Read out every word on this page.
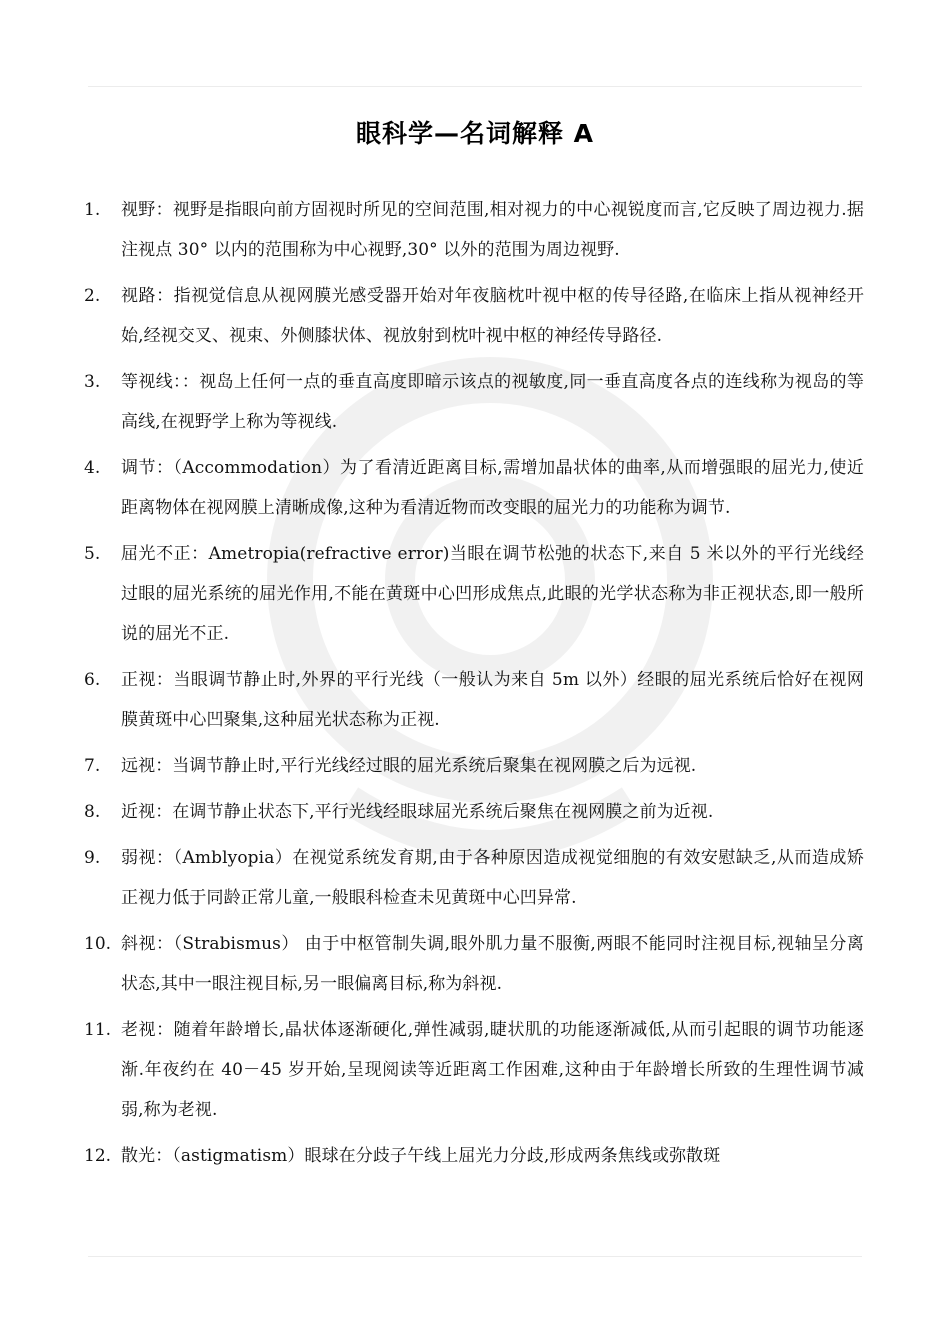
眼科学—名词解释 A
1.	视野：视野是指眼向前方固视时所见的空间范围,相对视力的中心视锐度而言,它反映了周边视力.据注视点 30° 以内的范围称为中心视野,30° 以外的范围为周边视野.
2.	视路：指视觉信息从视网膜光感受器开始对年夜脑枕叶视中枢的传导径路,在临床上指从视神经开始,经视交叉、视束、外侧膝状体、视放射到枕叶视中枢的神经传导路径.
3.	等视线：：视岛上任何一点的垂直高度即暗示该点的视敏度,同一垂直高度各点的连线称为视岛的等高线,在视野学上称为等视线.
4.	调节：（Accommodation）为了看清近距离目标,需增加晶状体的曲率,从而增强眼的屈光力,使近距离物体在视网膜上清晰成像,这种为看清近物而改变眼的屈光力的功能称为调节.
5.	屈光不正：Ametropia(refractive error)当眼在调节松弛的状态下,来自 5 米以外的平行光线经过眼的屈光系统的屈光作用,不能在黄斑中心凹形成焦点,此眼的光学状态称为非正视状态,即一般所说的屈光不正.
6.	正视：当眼调节静止时,外界的平行光线（一般认为来自 5m 以外）经眼的屈光系统后恰好在视网膜黄斑中心凹聚集,这种屈光状态称为正视.
7.	远视：当调节静止时,平行光线经过眼的屈光系统后聚集在视网膜之后为远视.
8.	近视：在调节静止状态下,平行光线经眼球屈光系统后聚焦在视网膜之前为近视.
9.	弱视：（Amblyopia）在视觉系统发育期,由于各种原因造成视觉细胞的有效安慰缺乏,从而造成矫正视力低于同龄正常儿童,一般眼科检查未见黄斑中心凹异常.
10. 斜视：（Strabismus） 由于中枢管制失调,眼外肌力量不服衡,两眼不能同时注视目标,视轴呈分离状态,其中一眼注视目标,另一眼偏离目标,称为斜视.
11. 老视：随着年龄增长,晶状体逐渐硬化,弹性减弱,睫状肌的功能逐渐减低,从而引起眼的调节功能逐渐.年夜约在 40－45 岁开始,呈现阅读等近距离工作困难,这种由于年龄增长所致的生理性调节减弱,称为老视.
12. 散光：（astigmatism）眼球在分歧子午线上屈光力分歧,形成两条焦线或弥散斑
